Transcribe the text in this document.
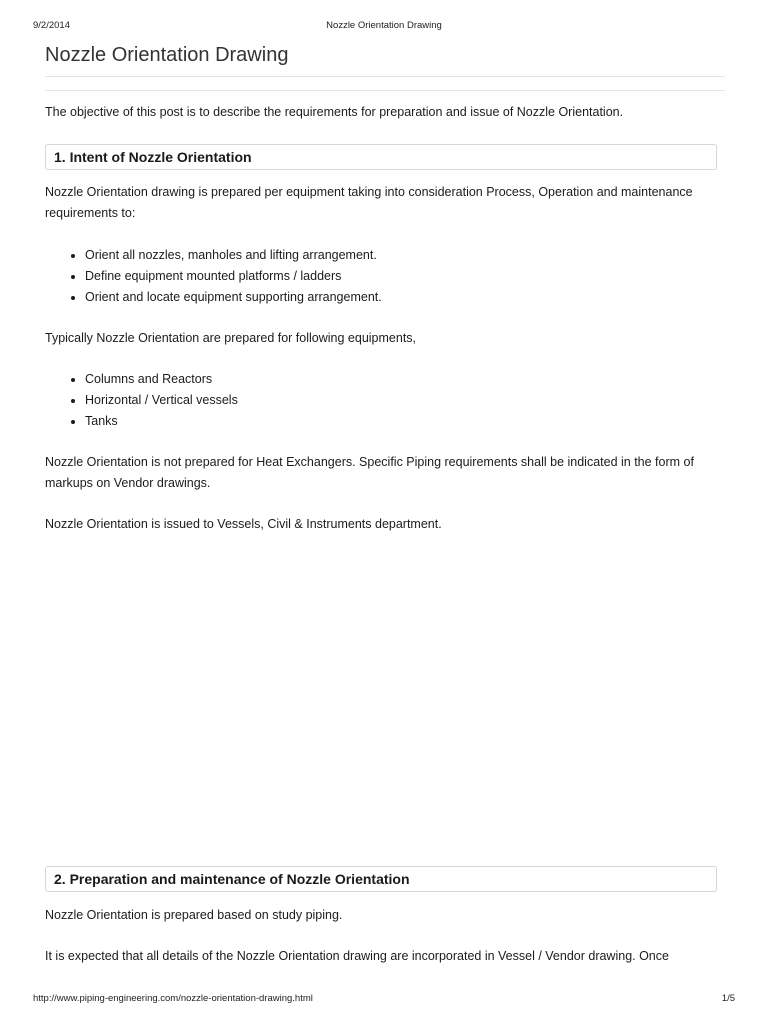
9/2/2014	Nozzle Orientation Drawing
Nozzle Orientation Drawing

The objective of this post is to describe the requirements for preparation and issue of Nozzle Orientation.

1. Intent of Nozzle Orientation

Nozzle Orientation drawing is prepared per equipment taking into consideration Process, Operation and maintenance requirements to:

• Orient all nozzles, manholes and lifting arrangement.
• Define equipment mounted platforms / ladders
• Orient and locate equipment supporting arrangement.

Typically Nozzle Orientation are prepared for following equipments,

• Columns and Reactors
• Horizontal / Vertical vessels
• Tanks

Nozzle Orientation is not prepared for Heat Exchangers. Specific Piping requirements shall be indicated in the form of markups on Vendor drawings.

Nozzle Orientation is issued to Vessels, Civil & Instruments department.

2. Preparation and maintenance of Nozzle Orientation

Nozzle Orientation is prepared based on study piping.

It is expected that all details of the Nozzle Orientation drawing are incorporated in Vessel / Vendor drawing. Once

http://www.piping-engineering.com/nozzle-orientation-drawing.html	1/5
